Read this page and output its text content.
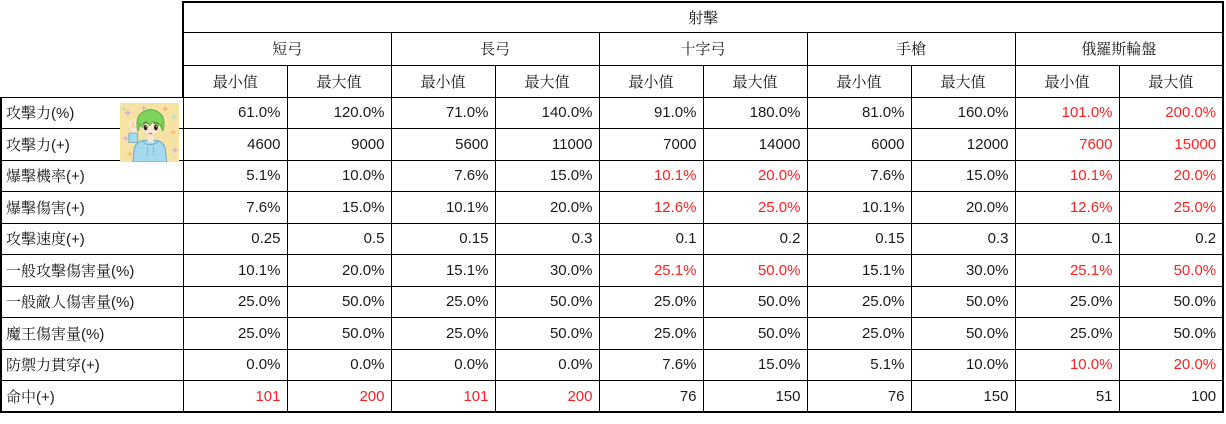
	射擊									
	短弓		長弓		十字弓		手槍		俄羅斯輪盤	
	最小值	最大值	最小值	最大值	最小值	最大值	最小值	最大值	最小值	最大值
攻擊力(%)	61.0%	120.0%	71.0%	140.0%	91.0%	180.0%	81.0%	160.0%	101.0%	200.0%
攻擊力(+)	4600	9000	5600	11000	7000	14000	6000	12000	7600	15000
爆擊機率(+)	5.1%	10.0%	7.6%	15.0%	10.1%	20.0%	7.6%	15.0%	10.1%	20.0%
爆擊傷害(+)	7.6%	15.0%	10.1%	20.0%	12.6%	25.0%	10.1%	20.0%	12.6%	25.0%
攻擊速度(+)	0.25	0.5	0.15	0.3	0.1	0.2	0.15	0.3	0.1	0.2
一般攻擊傷害量(%)	10.1%	20.0%	15.1%	30.0%	25.1%	50.0%	15.1%	30.0%	25.1%	50.0%
一般敵人傷害量(%)	25.0%	50.0%	25.0%	50.0%	25.0%	50.0%	25.0%	50.0%	25.0%	50.0%
魔王傷害量(%)	25.0%	50.0%	25.0%	50.0%	25.0%	50.0%	25.0%	50.0%	25.0%	50.0%
防禦力貫穿(+)	0.0%	0.0%	0.0%	0.0%	7.6%	15.0%	5.1%	10.0%	10.0%	20.0%
命中(+)	101	200	101	200	76	150	76	150	51	100
